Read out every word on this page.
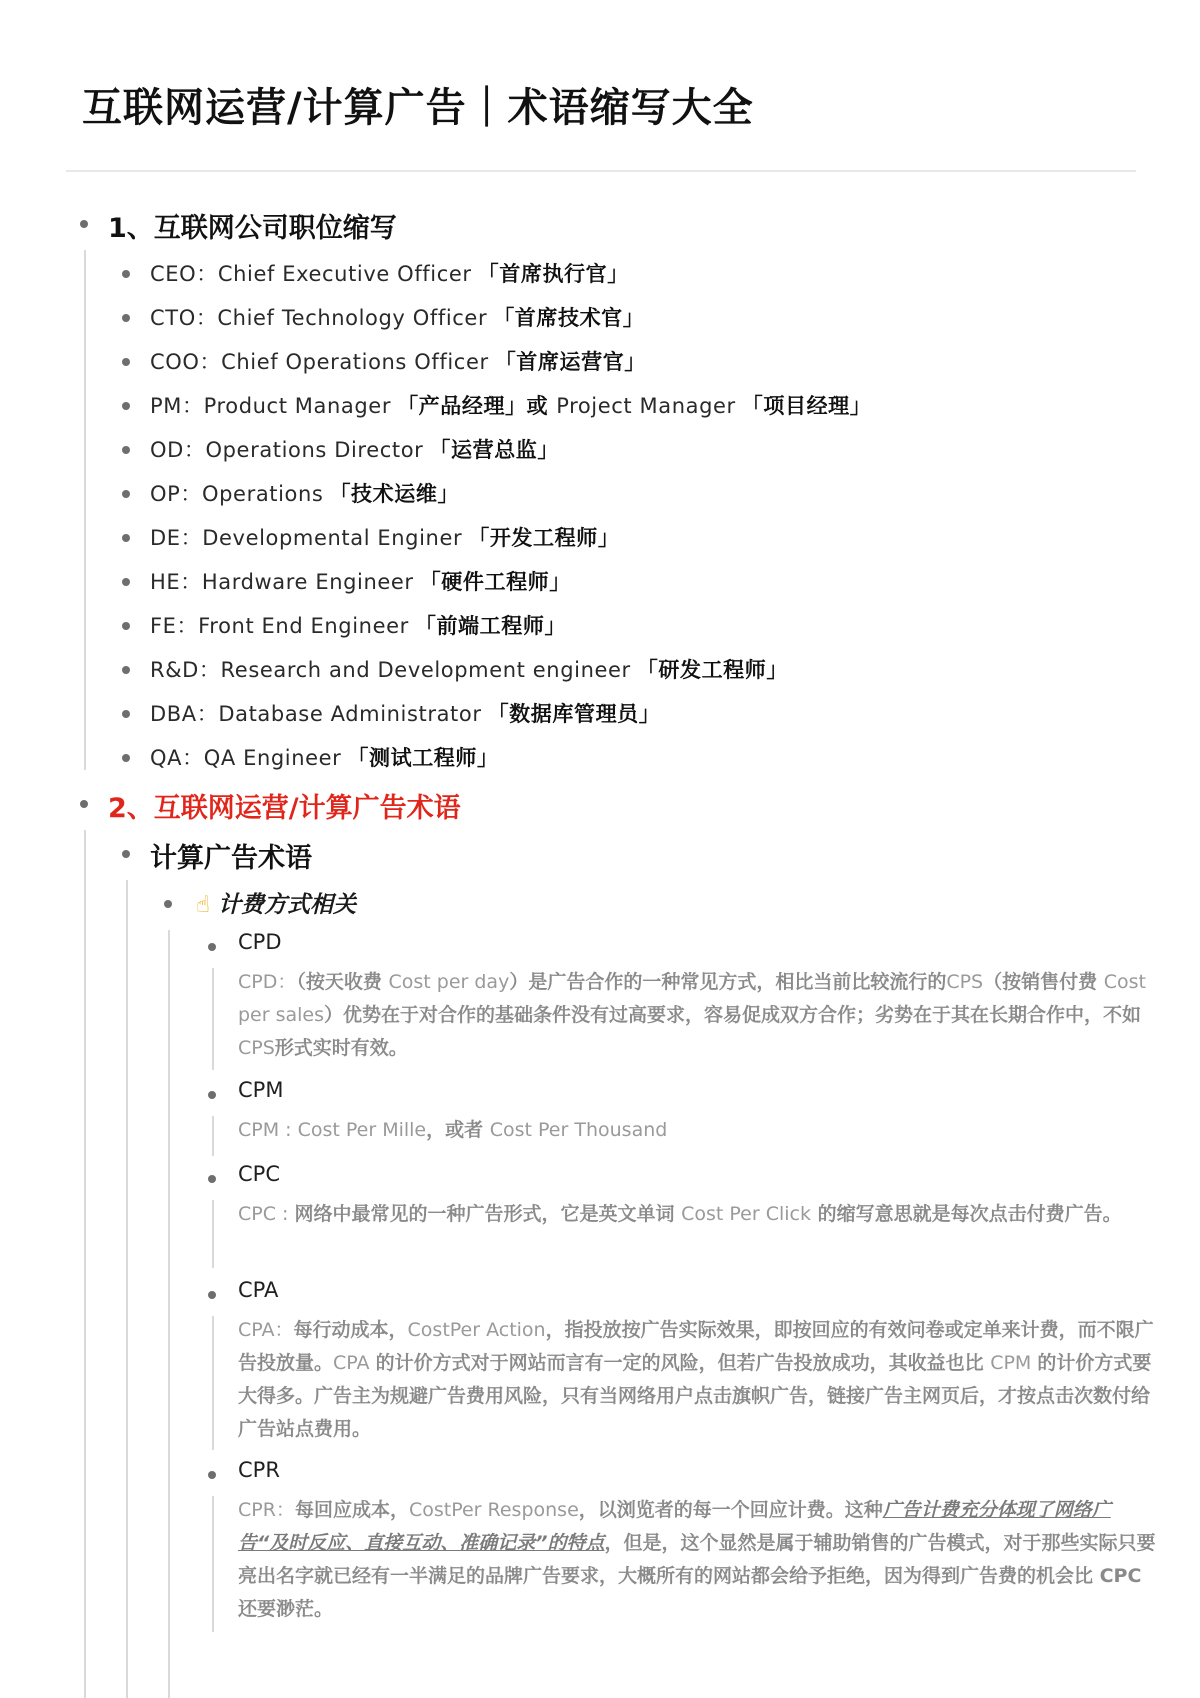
互联网运营/计算广告｜术语缩写大全
1、互联网公司职位缩写
CEO：Chief Executive Officer 「首席执行官」
CTO：Chief Technology Officer 「首席技术官」
COO：Chief Operations Officer 「首席运营官」
PM：Product Manager 「产品经理」或 Project Manager 「项目经理」
OD：Operations Director 「运营总监」
OP：Operations 「技术运维」
DE：Developmental Enginer 「开发工程师」
HE：Hardware Engineer 「硬件工程师」
FE：Front End Engineer 「前端工程师」
R&D：Research and Development engineer 「研发工程师」
DBA：Database Administrator 「数据库管理员」
QA：QA Engineer 「测试工程师」
2、互联网运营/计算广告术语
计算广告术语
☝ 计费方式相关
CPD
CPD：（按天收费 Cost per day）是广告合作的一种常见方式，相比当前比较流行的CPS（按销售付费 Cost per sales）优势在于对合作的基础条件没有过高要求，容易促成双方合作；劣势在于其在长期合作中，不如CPS形式实时有效。
CPM
CPM : Cost Per Mille，或者 Cost Per Thousand
CPC
CPC : 网络中最常见的一种广告形式，它是英文单词 Cost Per Click 的缩写意思就是每次点击付费广告。
CPA
CPA：每行动成本，CostPer Action，指投放按广告实际效果，即按回应的有效问卷或定单来计费，而不限广告投放量。CPA 的计价方式对于网站而言有一定的风险，但若广告投放成功，其收益也比 CPM 的计价方式要大得多。广告主为规避广告费用风险，只有当网络用户点击旗帜广告，链接广告主网页后，才按点击次数付给广告站点费用。
CPR
CPR：每回应成本，CostPer Response，以浏览者的每一个回应计费。这种广告计费充分体现了网络广告“及时反应、直接互动、准确记录”的特点，但是，这个显然是属于辅助销售的广告模式，对于那些实际只要亮出名字就已经有一半满足的品牌广告要求，大概所有的网站都会给予拒绝，因为得到广告费的机会比 CPC 还要渺茫。
